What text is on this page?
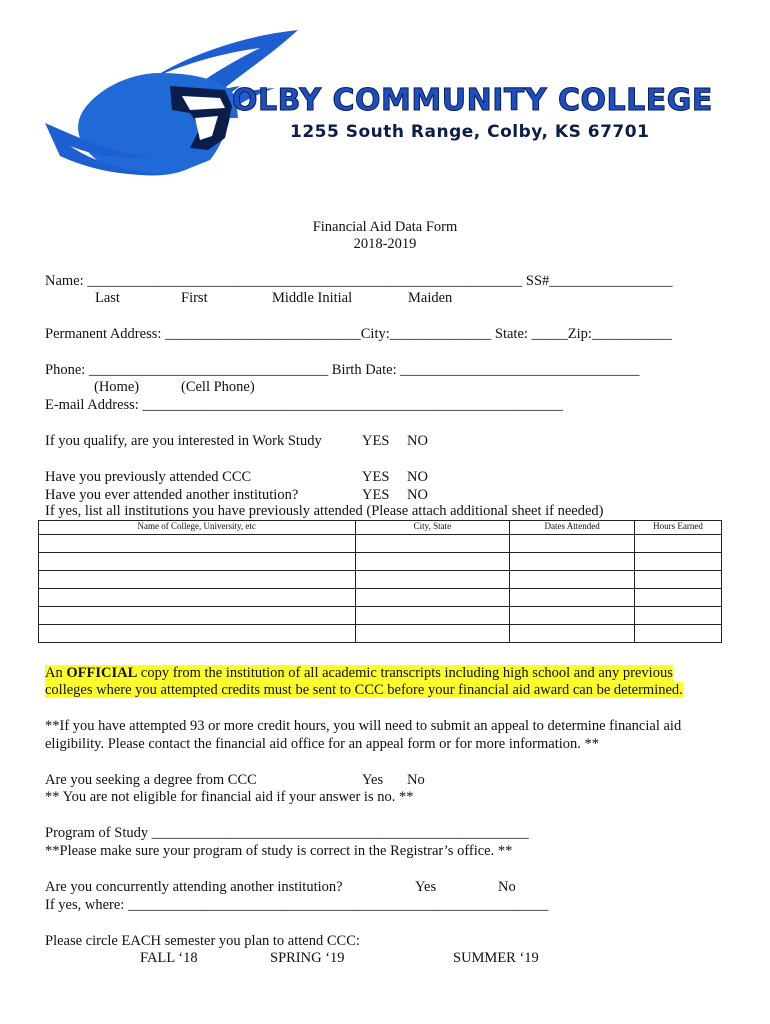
OLBY COMMUNITY COLLEGE
1255 South Range, Colby, KS 67701
Financial Aid Data Form
2018-2019
Name: ____________________________________________________________ SS#_________________
Last	First	Middle Initial	Maiden
Permanent Address: ___________________________City:______________ State: _____Zip:___________
Phone: _________________________________ Birth Date: _________________________________
(Home)	(Cell Phone)
E-mail Address: __________________________________________________________
If you qualify, are you interested in Work Study	YES NO
Have you previously attended CCC	YES NO
Have you ever attended another institution?	YES NO
If yes, list all institutions you have previously attended (Please attach additional sheet if needed)
Name of College, University, etc	City, State	Dates Attended	Hours Earned

An OFFICIAL copy from the institution of all academic transcripts including high school and any previous
colleges where you attempted credits must be sent to CCC before your financial aid award can be determined.
**If you have attempted 93 or more credit hours, you will need to submit an appeal to determine financial aid
eligibility. Please contact the financial aid office for an appeal form or for more information. **
Are you seeking a degree from CCC	Yes No
** You are not eligible for financial aid if your answer is no. **
Program of Study ____________________________________________________
**Please make sure your program of study is correct in the Registrar’s office. **
Are you concurrently attending another institution?	Yes	No
If yes, where: __________________________________________________________
Please circle EACH semester you plan to attend CCC:
FALL ‘18	SPRING ‘19	SUMMER ‘19
